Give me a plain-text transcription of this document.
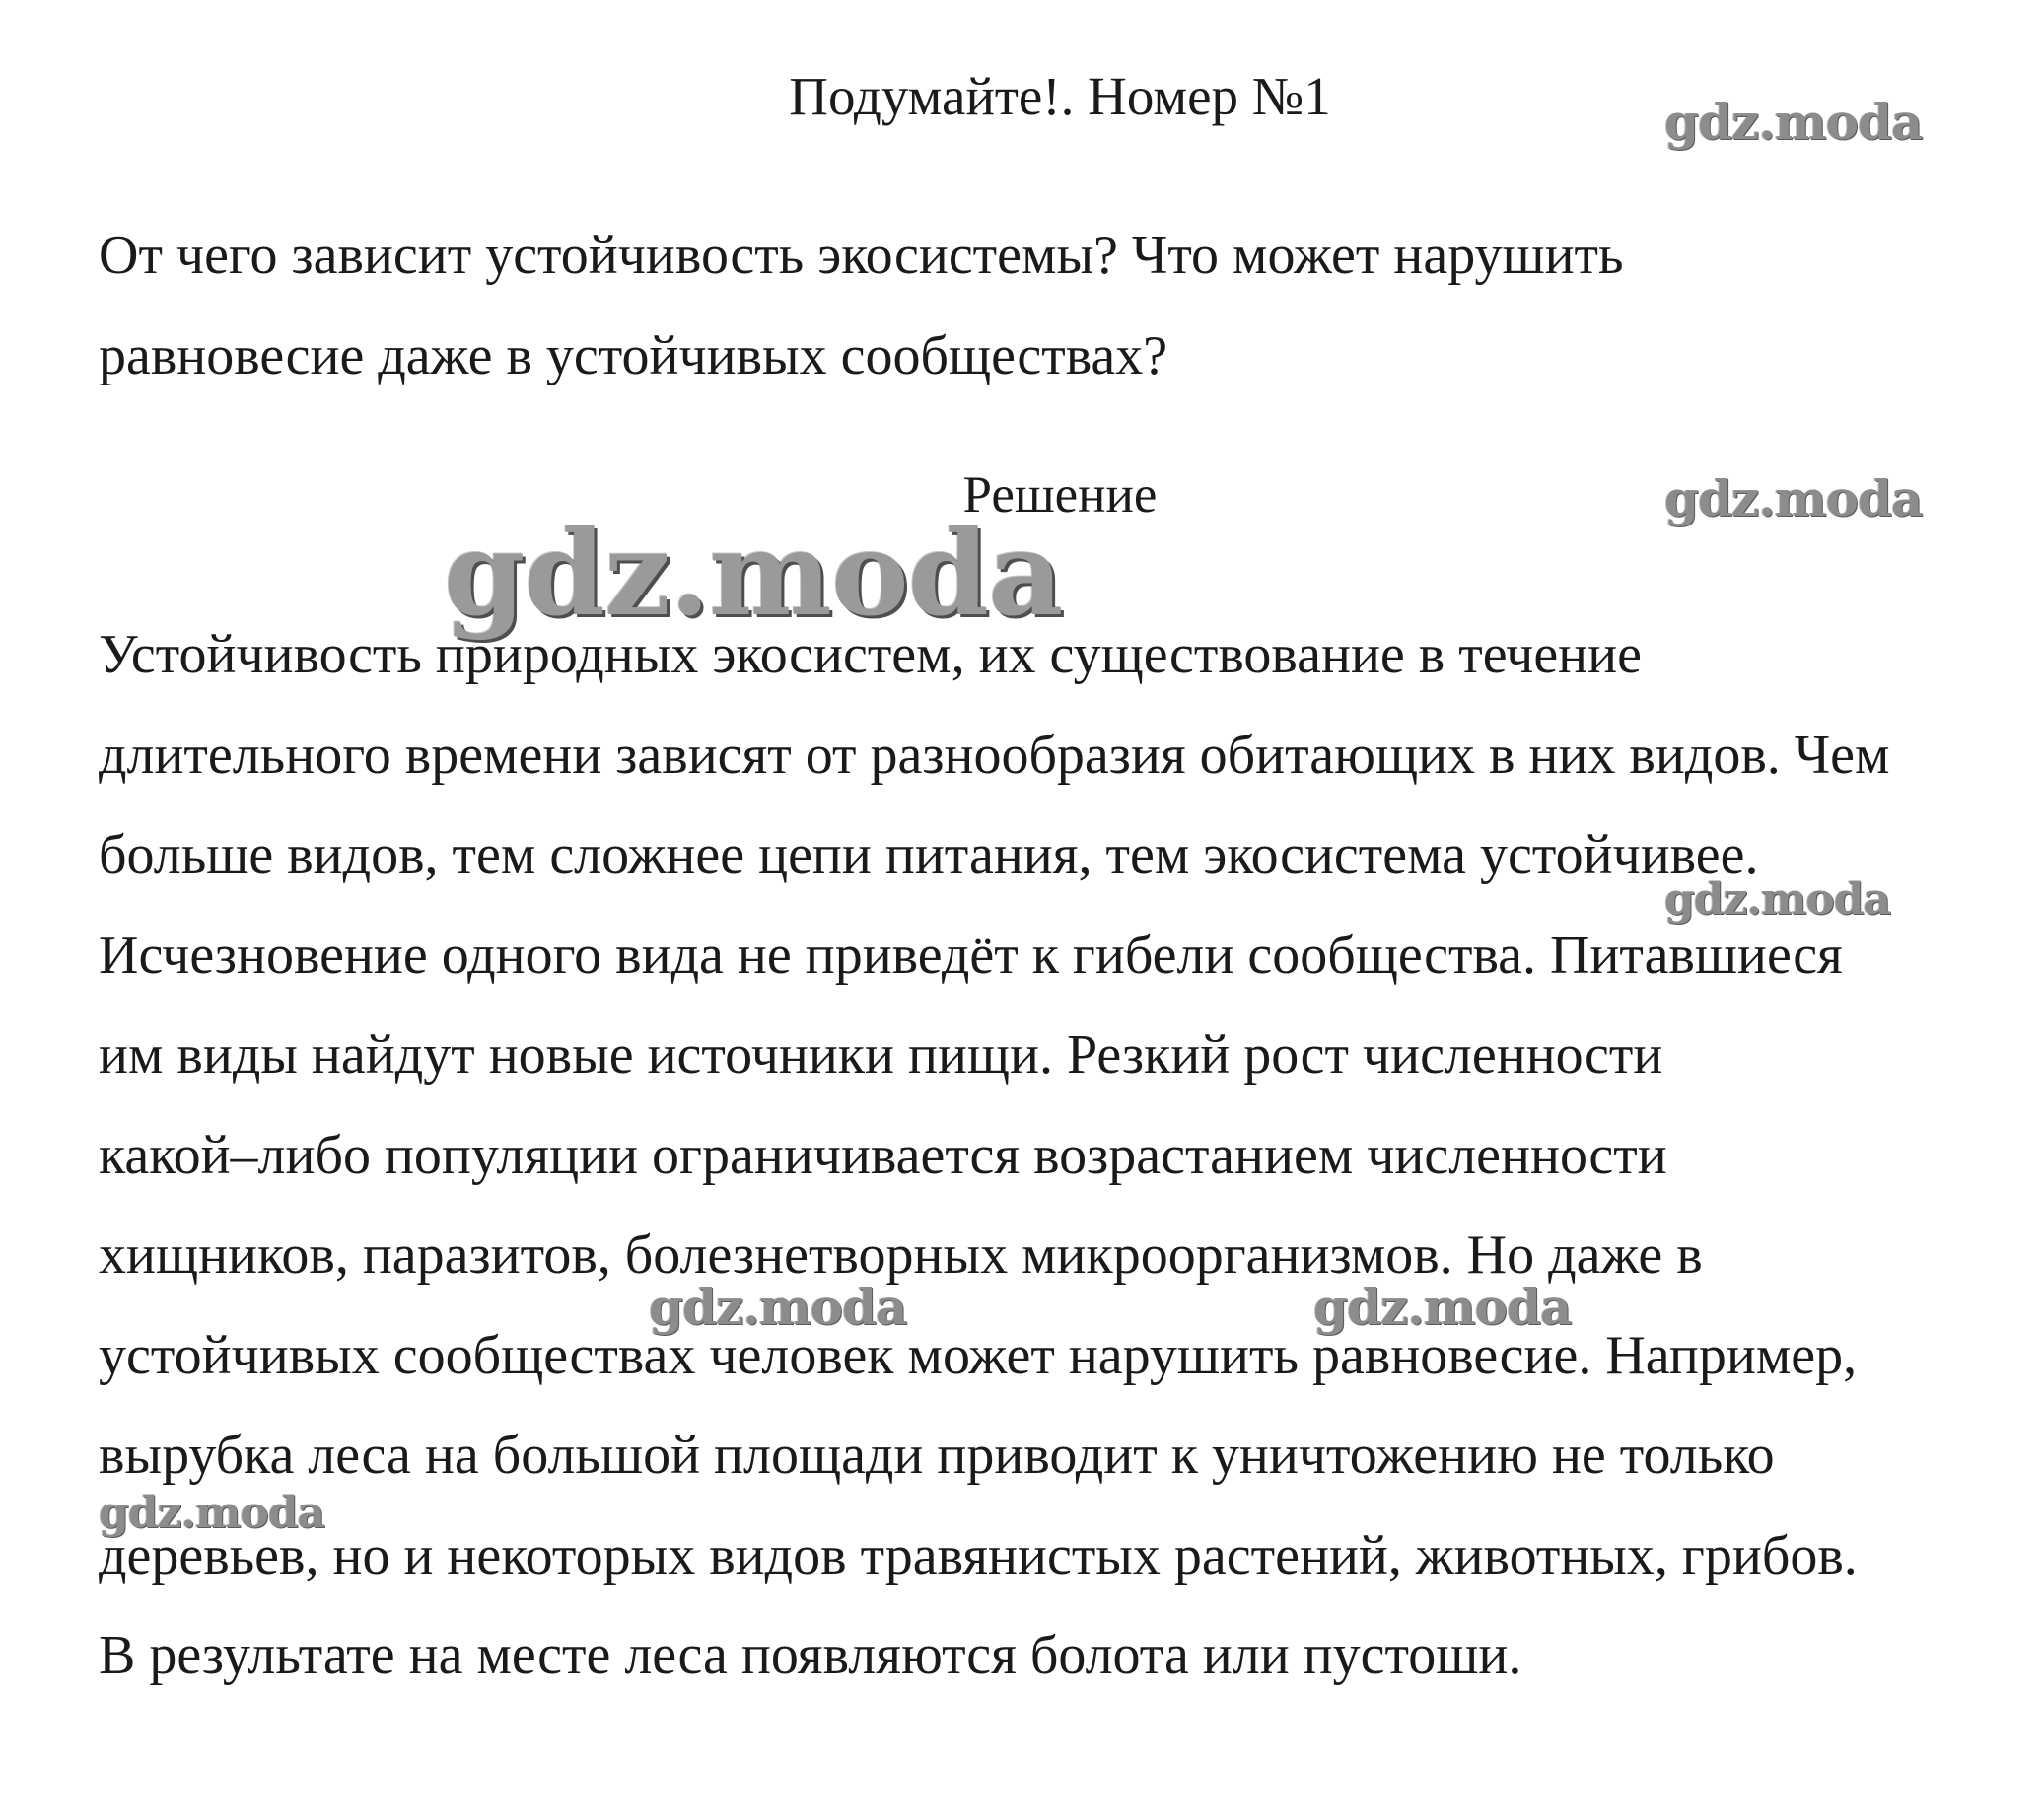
Подумайте!. Номер №1
От чего зависит устойчивость экосистемы? Что может нарушить
равновесие даже в устойчивых сообществах?
Решение
Устойчивость природных экосистем, их существование в течение
длительного времени зависят от разнообразия обитающих в них видов. Чем
больше видов, тем сложнее цепи питания, тем экосистема устойчивее.
Исчезновение одного вида не приведёт к гибели сообщества. Питавшиеся
им виды найдут новые источники пищи. Резкий рост численности
какой–либо популяции ограничивается возрастанием численности
хищников, паразитов, болезнетворных микроорганизмов. Но даже в
устойчивых сообществах человек может нарушить равновесие. Например,
вырубка леса на большой площади приводит к уничтожению не только
деревьев, но и некоторых видов травянистых растений, животных, грибов.
В результате на месте леса появляются болота или пустоши.
gdz.moda
gdz.moda
gdz.moda
gdz.moda
gdz.moda	gdz.moda
gdz.moda
